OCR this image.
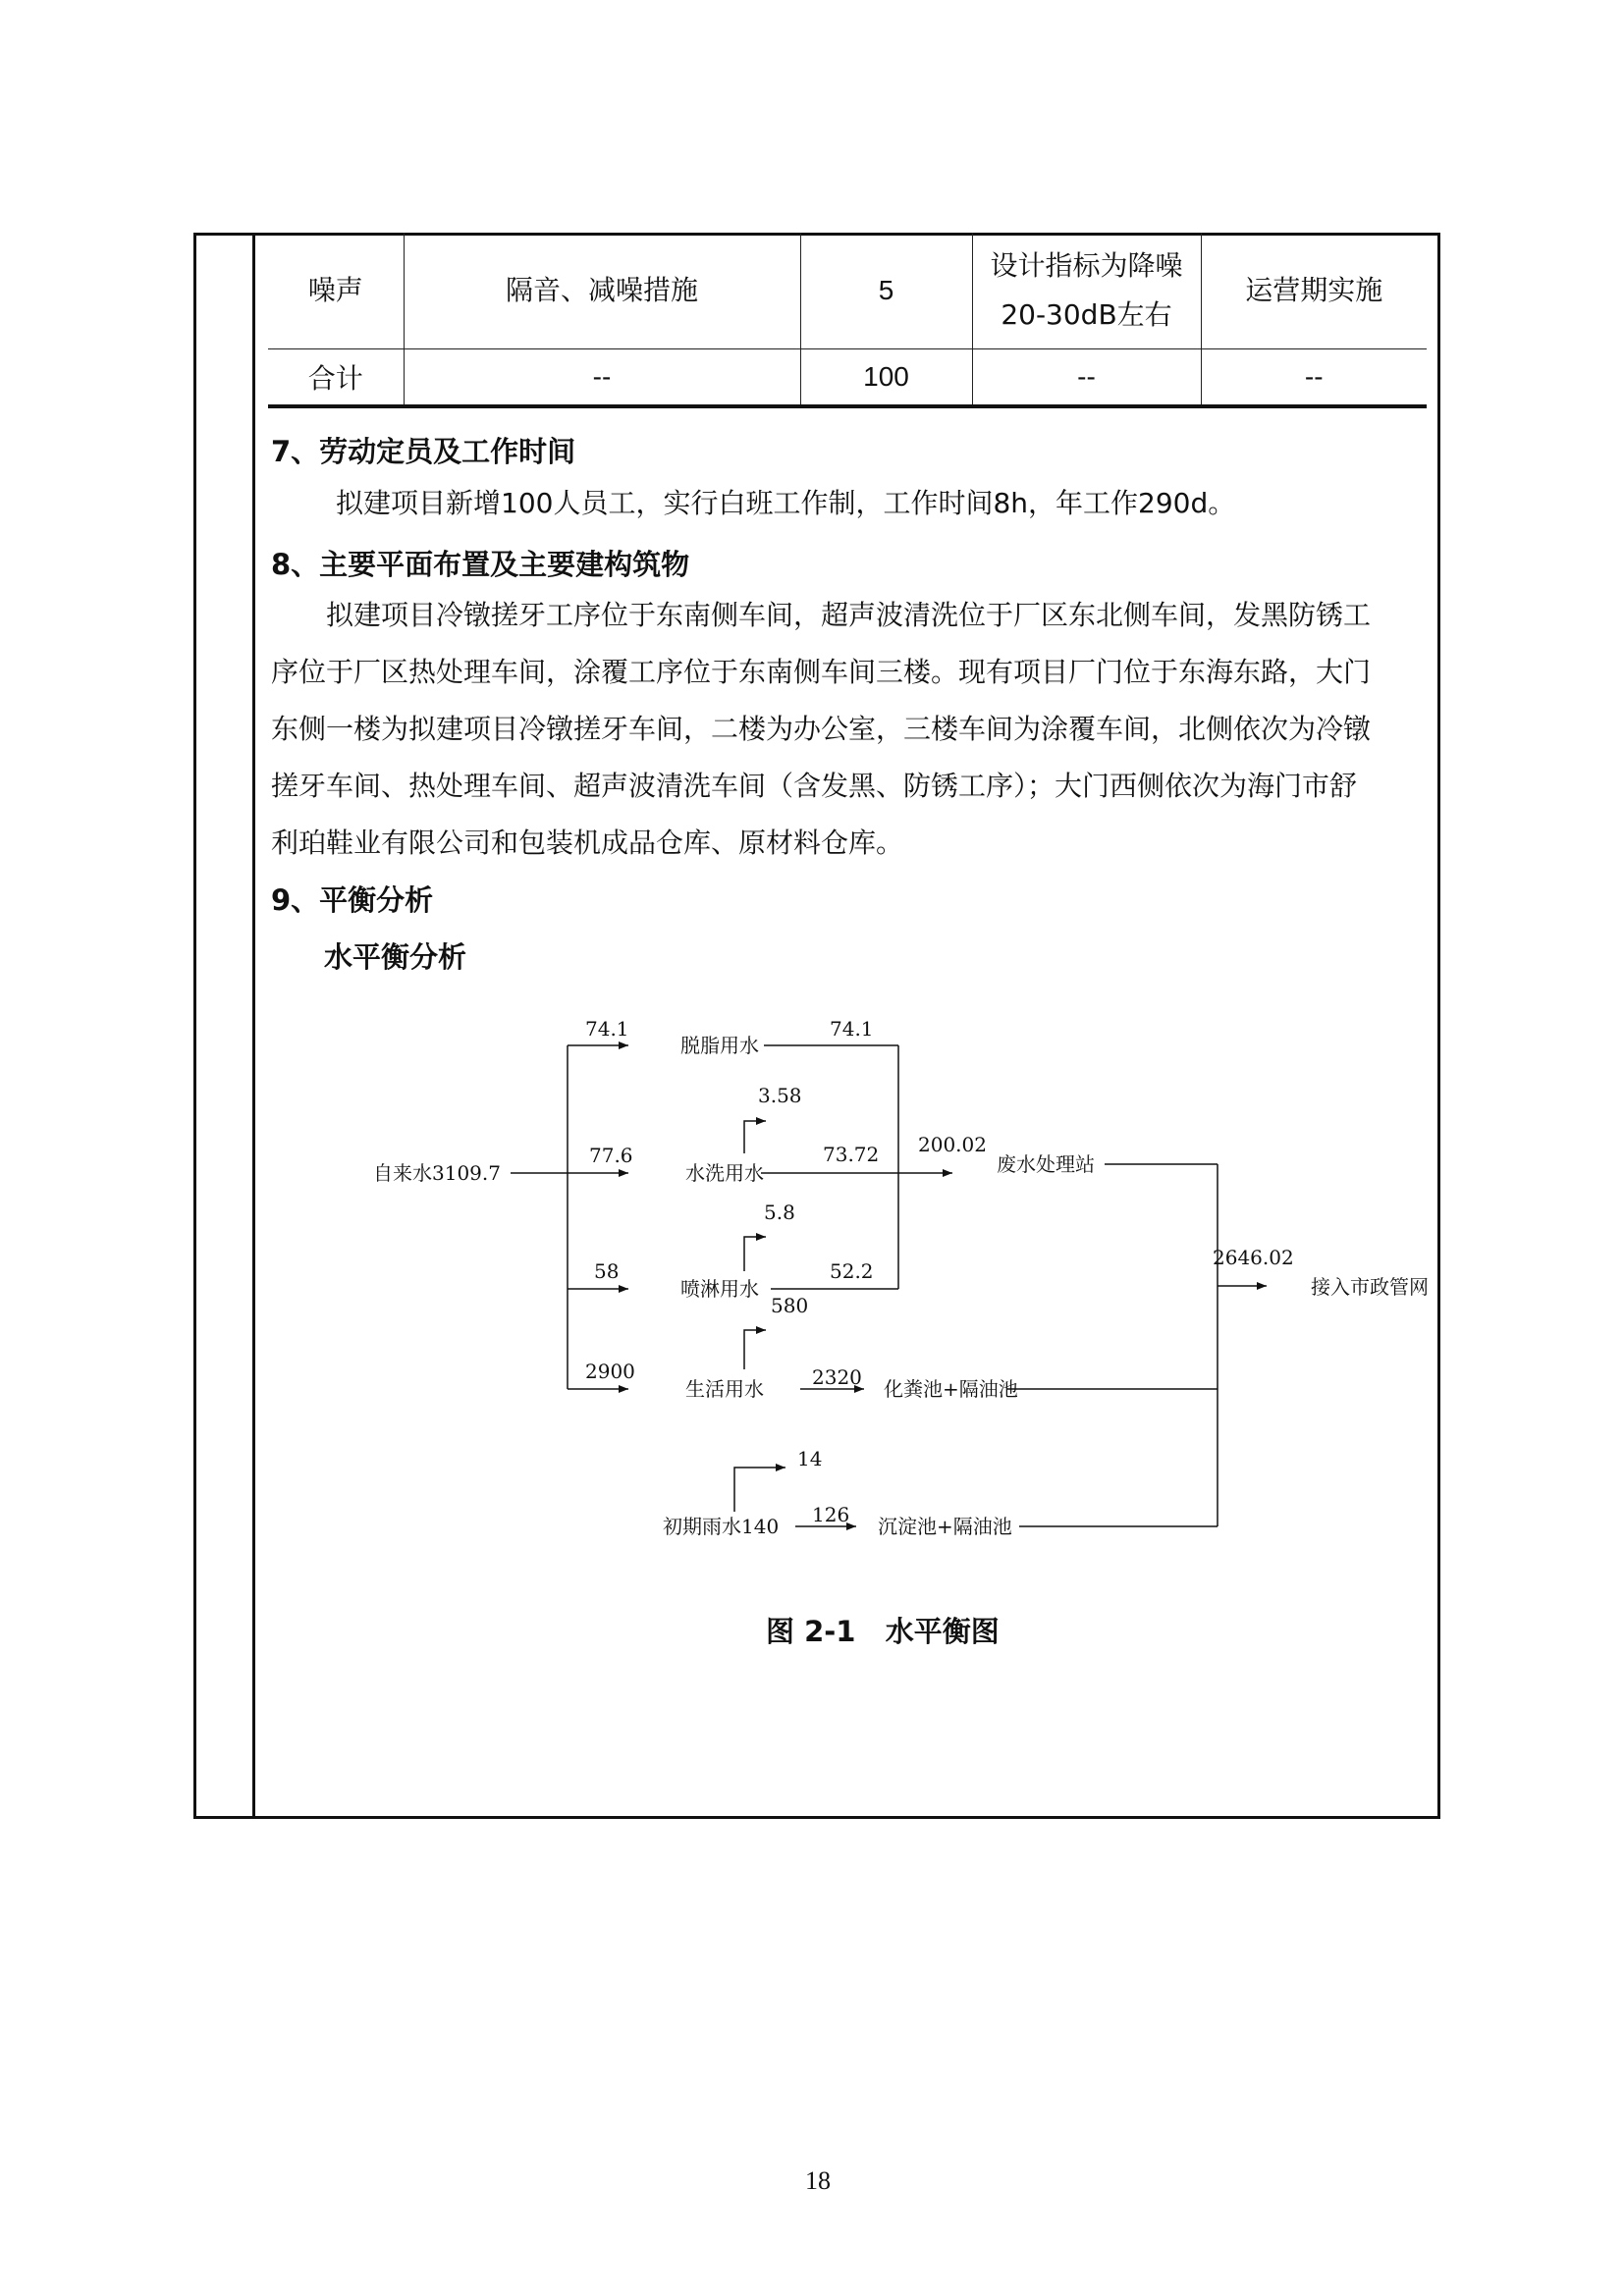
噪声	隔音、减噪措施	5	设计指标为降噪20-30dB左右	运营期实施
合计	--	100	--	--
7、劳动定员及工作时间
拟建项目新增100人员工，实行白班工作制，工作时间8h，年工作290d。
8、主要平面布置及主要建构筑物
拟建项目冷镦搓牙工序位于东南侧车间，超声波清洗位于厂区东北侧车间，发黑防锈工
序位于厂区热处理车间，涂覆工序位于东南侧车间三楼。现有项目厂门位于东海东路，大门
东侧一楼为拟建项目冷镦搓牙车间，二楼为办公室，三楼车间为涂覆车间，北侧依次为冷镦
搓牙车间、热处理车间、超声波清洗车间（含发黑、防锈工序）；大门西侧依次为海门市舒
利珀鞋业有限公司和包装机成品仓库、原材料仓库。
9、平衡分析
水平衡分析
自来水3109.7
脱脂用水
水洗用水
喷淋用水
生活用水
初期雨水140
废水处理站
化粪池+隔油池
沉淀池+隔油池
接入市政管网
74.1
77.6
58
2900
74.1
3.58
73.72
5.8
52.2
200.02
580
2320
14
126
2646.02
图 2-1   水平衡图
18
